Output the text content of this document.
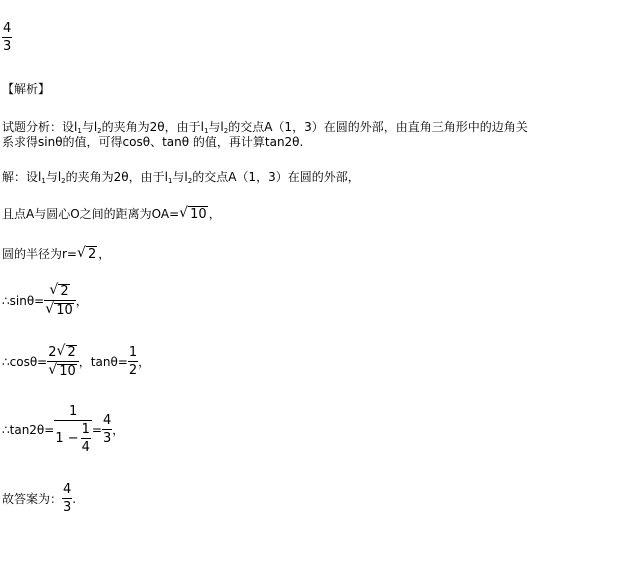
$\frac{4}{3}$
【解析】
试题分析：设$l_1$与$l_2$的夹角为2θ，由于$l_1$与$l_2$的交点A（1，3）在圆的外部，由直角三角形中的边角关
系求得sinθ的值，可得cosθ、tanθ 的值，再计算tan2θ.
解：设$l_1$与$l_2$的夹角为2θ，由于$l_1$与$l_2$的交点A（1，3）在圆的外部，
且点A与圆心O之间的距离为OA= √ 10 ，
圆的半径为r= √ 2 ，
∴sinθ= $\frac{√ 2}{√ 10}$ ，
∴cosθ= $\frac{2 √ 2}{√ 10}$ ，$\tan\theta= \frac{1}{2}$ ，
∴tan2θ= $\frac{1}{1 - \frac{1}{4}} = \frac{4}{3}$ ，
故答案为： $\frac{4}{3}$ .
